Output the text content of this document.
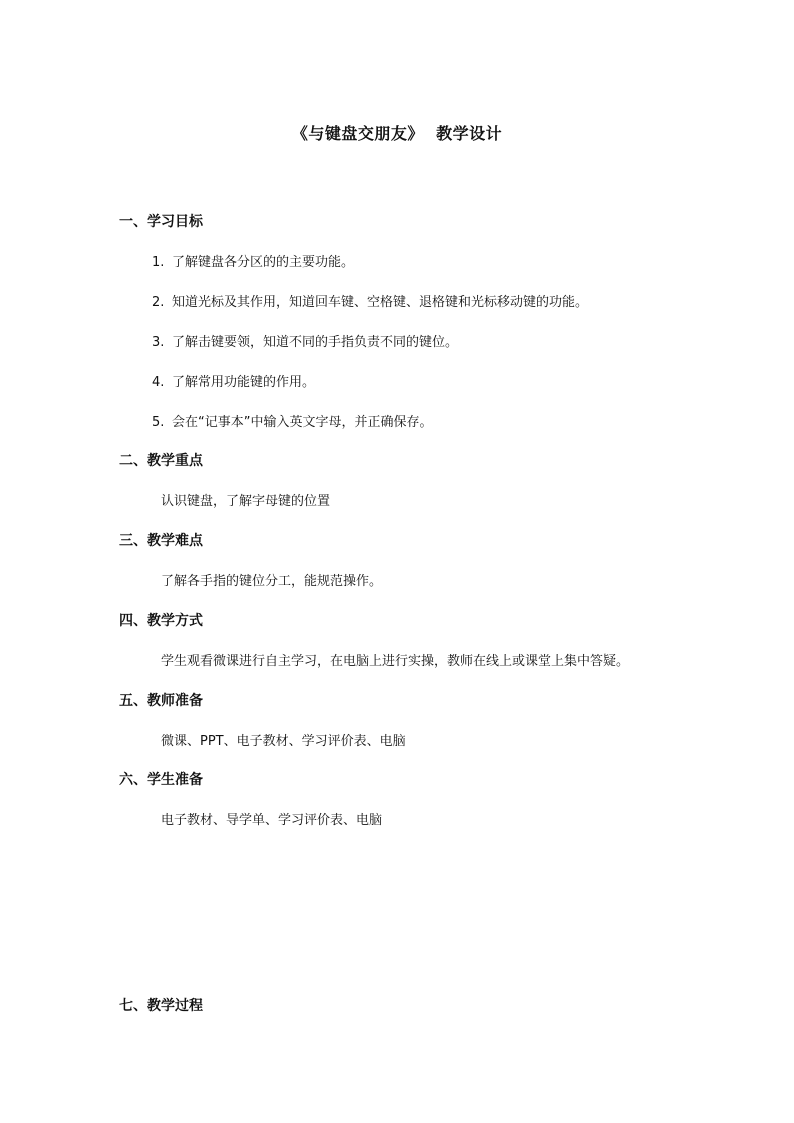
《与键盘交朋友》  教学设计
一、学习目标
1. 了解键盘各分区的的主要功能。
2. 知道光标及其作用，知道回车键、空格键、退格键和光标移动键的功能。
3. 了解击键要领，知道不同的手指负责不同的键位。
4. 了解常用功能键的作用。
5. 会在“记事本”中输入英文字母，并正确保存。
二、教学重点
认识键盘，了解字母键的位置
三、教学难点
了解各手指的键位分工，能规范操作。
四、教学方式
学生观看微课进行自主学习，在电脑上进行实操，教师在线上或课堂上集中答疑。
五、教师准备
微课、PPT、电子教材、学习评价表、电脑
六、学生准备
电子教材、导学单、学习评价表、电脑
七、教学过程
